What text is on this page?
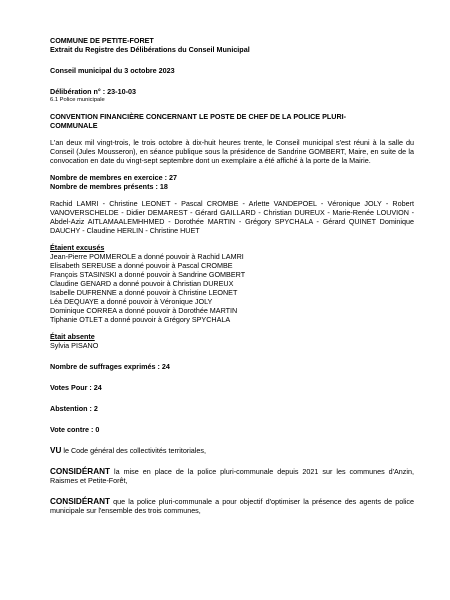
COMMUNE DE PETITE-FORET
Extrait du Registre des Délibérations du Conseil Municipal
Conseil municipal du 3 octobre 2023
Délibération n° : 23-10-03
6.1 Police municipale
CONVENTION FINANCIÈRE CONCERNANT LE POSTE DE CHEF DE LA POLICE PLURI-
COMMUNALE
L'an deux mil vingt-trois, le trois octobre à dix-huit heures trente, le Conseil municipal s'est réuni à la salle du Conseil (Jules Mousseron), en séance publique sous la présidence de Sandrine GOMBERT, Maire, en suite de la convocation en date du vingt-sept septembre dont un exemplaire a été affiché à la porte de la Mairie.
Nombre de membres en exercice : 27
Nombre de membres présents : 18
Rachid LAMRI - Christine LEONET - Pascal CROMBE - Arlette VANDEPOEL - Véronique JOLY - Robert VANOVERSCHELDE - Didier DEMAREST - Gérard GAILLARD - Christian DUREUX - Marie-Renée LOUVION - Abdel-Aziz AITLAMAALEMHHMED - Dorothée MARTIN - Grégory SPYCHALA - Gérard QUINET Dominique DAUCHY - Claudine HERLIN - Christine HUET
Étaient excusés
Jean-Pierre POMMEROLE a donné pouvoir à Rachid LAMRI
Elisabeth SEREUSE a donné pouvoir à Pascal CROMBE
François STASINSKI a donné pouvoir à Sandrine GOMBERT
Claudine GENARD a donné pouvoir à Christian DUREUX
Isabelle DUFRENNE a donné pouvoir à Christine LEONET
Léa DEQUAYE a donné pouvoir à Véronique JOLY
Dominique CORREA a donné pouvoir à Dorothée MARTIN
Tiphanie OTLET a donné pouvoir à Grégory SPYCHALA
Était absente
Sylvia PISANO
Nombre de suffrages exprimés : 24
Votes Pour : 24
Abstention : 2
Vote contre : 0
VU le Code général des collectivités territoriales,
CONSIDÉRANT la mise en place de la police pluri-communale depuis 2021 sur les communes d'Anzin, Raismes et Petite-Forêt,
CONSIDÉRANT que la police pluri-communale a pour objectif d'optimiser la présence des agents de police municipale sur l'ensemble des trois communes,
